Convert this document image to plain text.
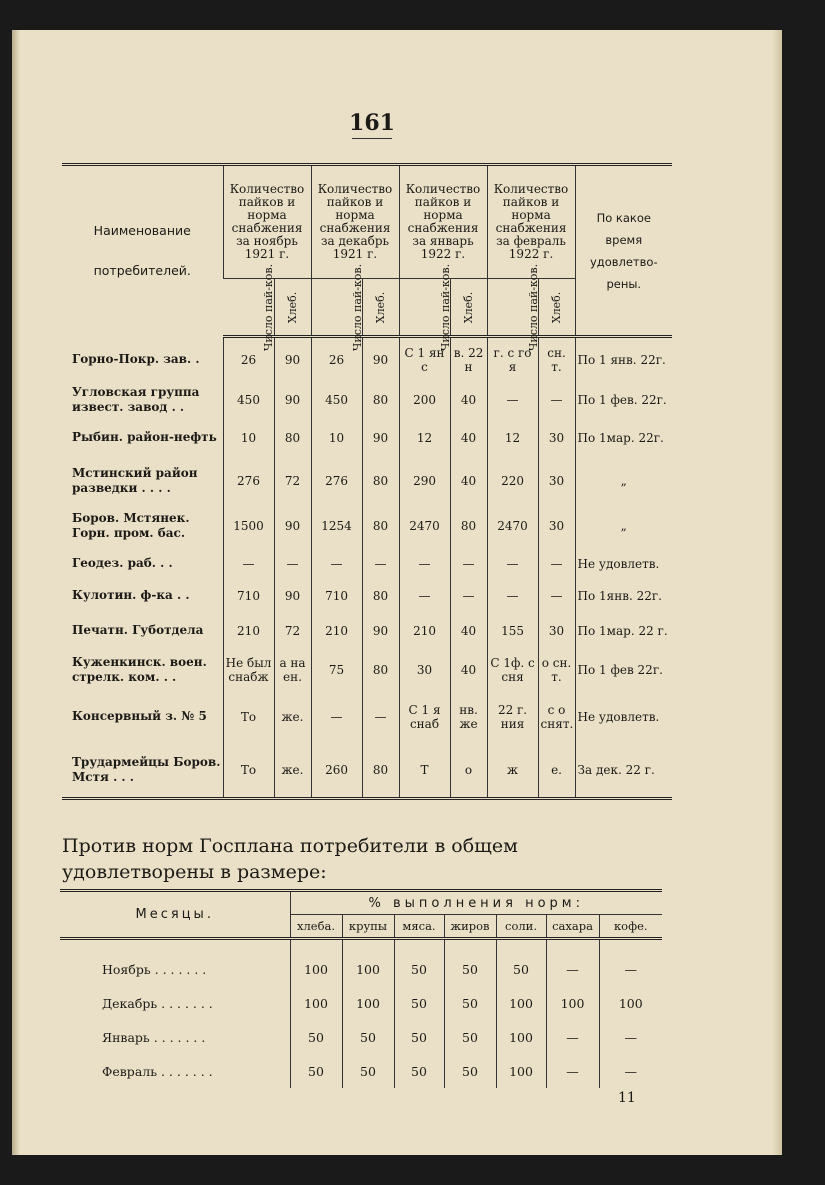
161
Наименование
потребителей.	Количество пайков и норма снабжения за ноябрь 1921 г.		Количество пайков и норма снабжения за декабрь 1921 г.		Количество пайков и норма снабжения за январь 1922 г.		Количество пайков и норма снабжения за февраль 1922 г.		По какое время удовлетво-рены.
	Число пай-ков.	Хлеб.	Число пай-ков.	Хлеб.	Число пай-ков.	Хлеб.	Число пай-ков.	Хлеб.	
Горно-Покр. зав. .	26	90	26	90	С 1 ян с	в. 22 н	г. с го я	сн. т.	По 1 янв. 22г.
Угловская группа извест. завод . .	450	90	450	80	200	40	—	—	По 1 фев. 22г.
Рыбин. район-нефть	10	80	10	90	12	40	12	30	По 1мар. 22г.
Мстинский район разведки . . . .	276	72	276	80	290	40	220	30	„
Боров. Мстянек. Горн. пром. бас.	1500	90	1254	80	2470	80	2470	30	„
Геодез. раб. . .	—	—	—	—	—	—	—	—	Не удовлетв.
Кулотин. ф-ка . .	710	90	710	80	—	—	—	—	По 1янв. 22г.
Печатн. Губотдела	210	72	210	90	210	40	155	30	По 1мар. 22 г.
Куженкинск. воен. стрелк. ком. . .	Не был снабж	а на ен.	75	80	30	40	С 1ф. с сня	о сн. т.	По 1 фев 22г.
Консервный з. № 5	То	же.	—	—	С 1 я снаб	нв. же	22 г. ния	с о снят.	Не удовлетв.
Трудармейцы Боров. Мстя . . .	То	же.	260	80	Т	о	ж	е.	За дек. 22 г.
Против норм Госплана потребители в общем удовлетворены в размере:
Месяцы.	% выполнения норм:						
	хлеба.	крупы	мяса.	жиров	соли.	сахара	кофе.
Ноябрь . . . . . . .	100	100	50	50	50	—	—
Декабрь . . . . . . .	100	100	50	50	100	100	100
Январь . . . . . . .	50	50	50	50	100	—	—
Февраль . . . . . . .	50	50	50	50	100	—	—
11
